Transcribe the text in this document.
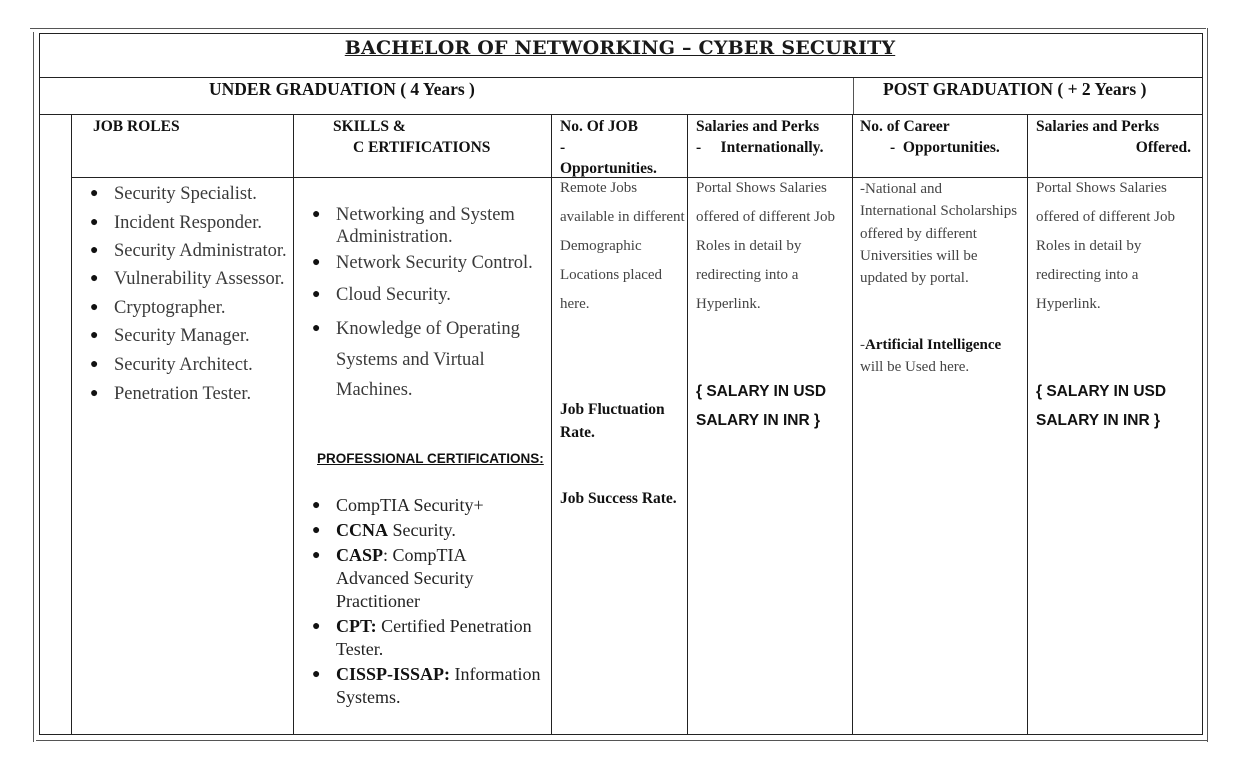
BACHELOR OF NETWORKING – CYBER SECURITY
UNDER GRADUATION ( 4 Years )	POST GRADUATION ( + 2 Years )
JOB ROLES	SKILLS &
C ERTIFICATIONS
No. Of JOB
-
Opportunities.
Salaries and Perks
-     Internationally.
No. of Career
-  Opportunities.
Salaries and Perks
Offered.
● Security Specialist.
● Incident Responder.
● Security Administrator.
● Vulnerability Assessor.
● Cryptographer.
● Security Manager.
● Security Architect.
● Penetration Tester.
● Networking and System Administration.
● Network Security Control.
● Cloud Security.
● Knowledge of Operating Systems and Virtual Machines.
PROFESSIONAL CERTIFICATIONS:
● CompTIA Security+
● CCNA Security.
● CASP: CompTIA Advanced Security Practitioner
● CPT: Certified Penetration Tester.
● CISSP-ISSAP: Information Systems.
Remote Jobs available in different Demographic Locations placed here.
Job Fluctuation Rate.
Job Success Rate.
Portal Shows Salaries offered of different Job Roles in detail by redirecting into a Hyperlink.
{ SALARY IN USD
SALARY IN INR }
-National and International Scholarships offered by different Universities will be updated by portal.
-Artificial Intelligence will be Used here.
Portal Shows Salaries offered of different Job Roles in detail by redirecting into a Hyperlink.
{ SALARY IN USD
SALARY IN INR }
